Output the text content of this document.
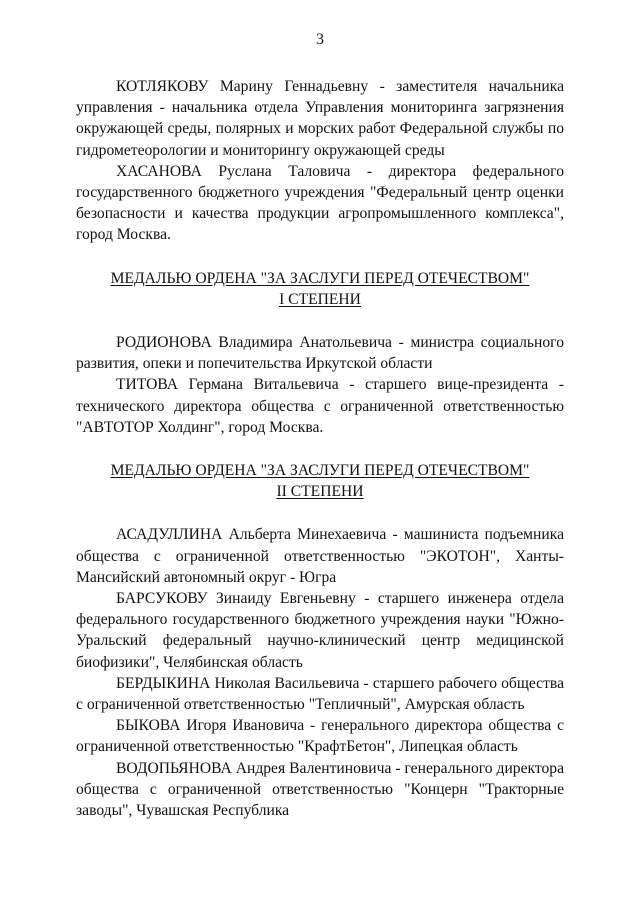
3

КОТЛЯКОВУ Марину Геннадьевну - заместителя начальника управления - начальника отдела Управления мониторинга загрязнения окружающей среды, полярных и морских работ Федеральной службы по гидрометеорологии и мониторингу окружающей среды

ХАСАНОВА Руслана Таловича - директора федерального государственного бюджетного учреждения "Федеральный центр оценки безопасности и качества продукции агропромышленного комплекса", город Москва.

МЕДАЛЬЮ ОРДЕНА "ЗА ЗАСЛУГИ ПЕРЕД ОТЕЧЕСТВОМ"
I СТЕПЕНИ

РОДИОНОВА Владимира Анатольевича - министра социального развития, опеки и попечительства Иркутской области

ТИТОВА Германа Витальевича - старшего вице-президента - технического директора общества с ограниченной ответственностью "АВТОТОР Холдинг", город Москва.

МЕДАЛЬЮ ОРДЕНА "ЗА ЗАСЛУГИ ПЕРЕД ОТЕЧЕСТВОМ"
II СТЕПЕНИ

АСАДУЛЛИНА Альберта Минехаевича - машиниста подъемника общества с ограниченной ответственностью "ЭКОТОН", Ханты-Мансийский автономный округ - Югра

БАРСУКОВУ Зинаиду Евгеньевну - старшего инженера отдела федерального государственного бюджетного учреждения науки "Южно-Уральский федеральный научно-клинический центр медицинской биофизики", Челябинская область

БЕРДЫКИНА Николая Васильевича - старшего рабочего общества с ограниченной ответственностью "Тепличный", Амурская область

БЫКОВА Игоря Ивановича - генерального директора общества с ограниченной ответственностью "КрафтБетон", Липецкая область

ВОДОПЬЯНОВА Андрея Валентиновича - генерального директора общества с ограниченной ответственностью "Концерн "Тракторные заводы", Чувашская Республика
